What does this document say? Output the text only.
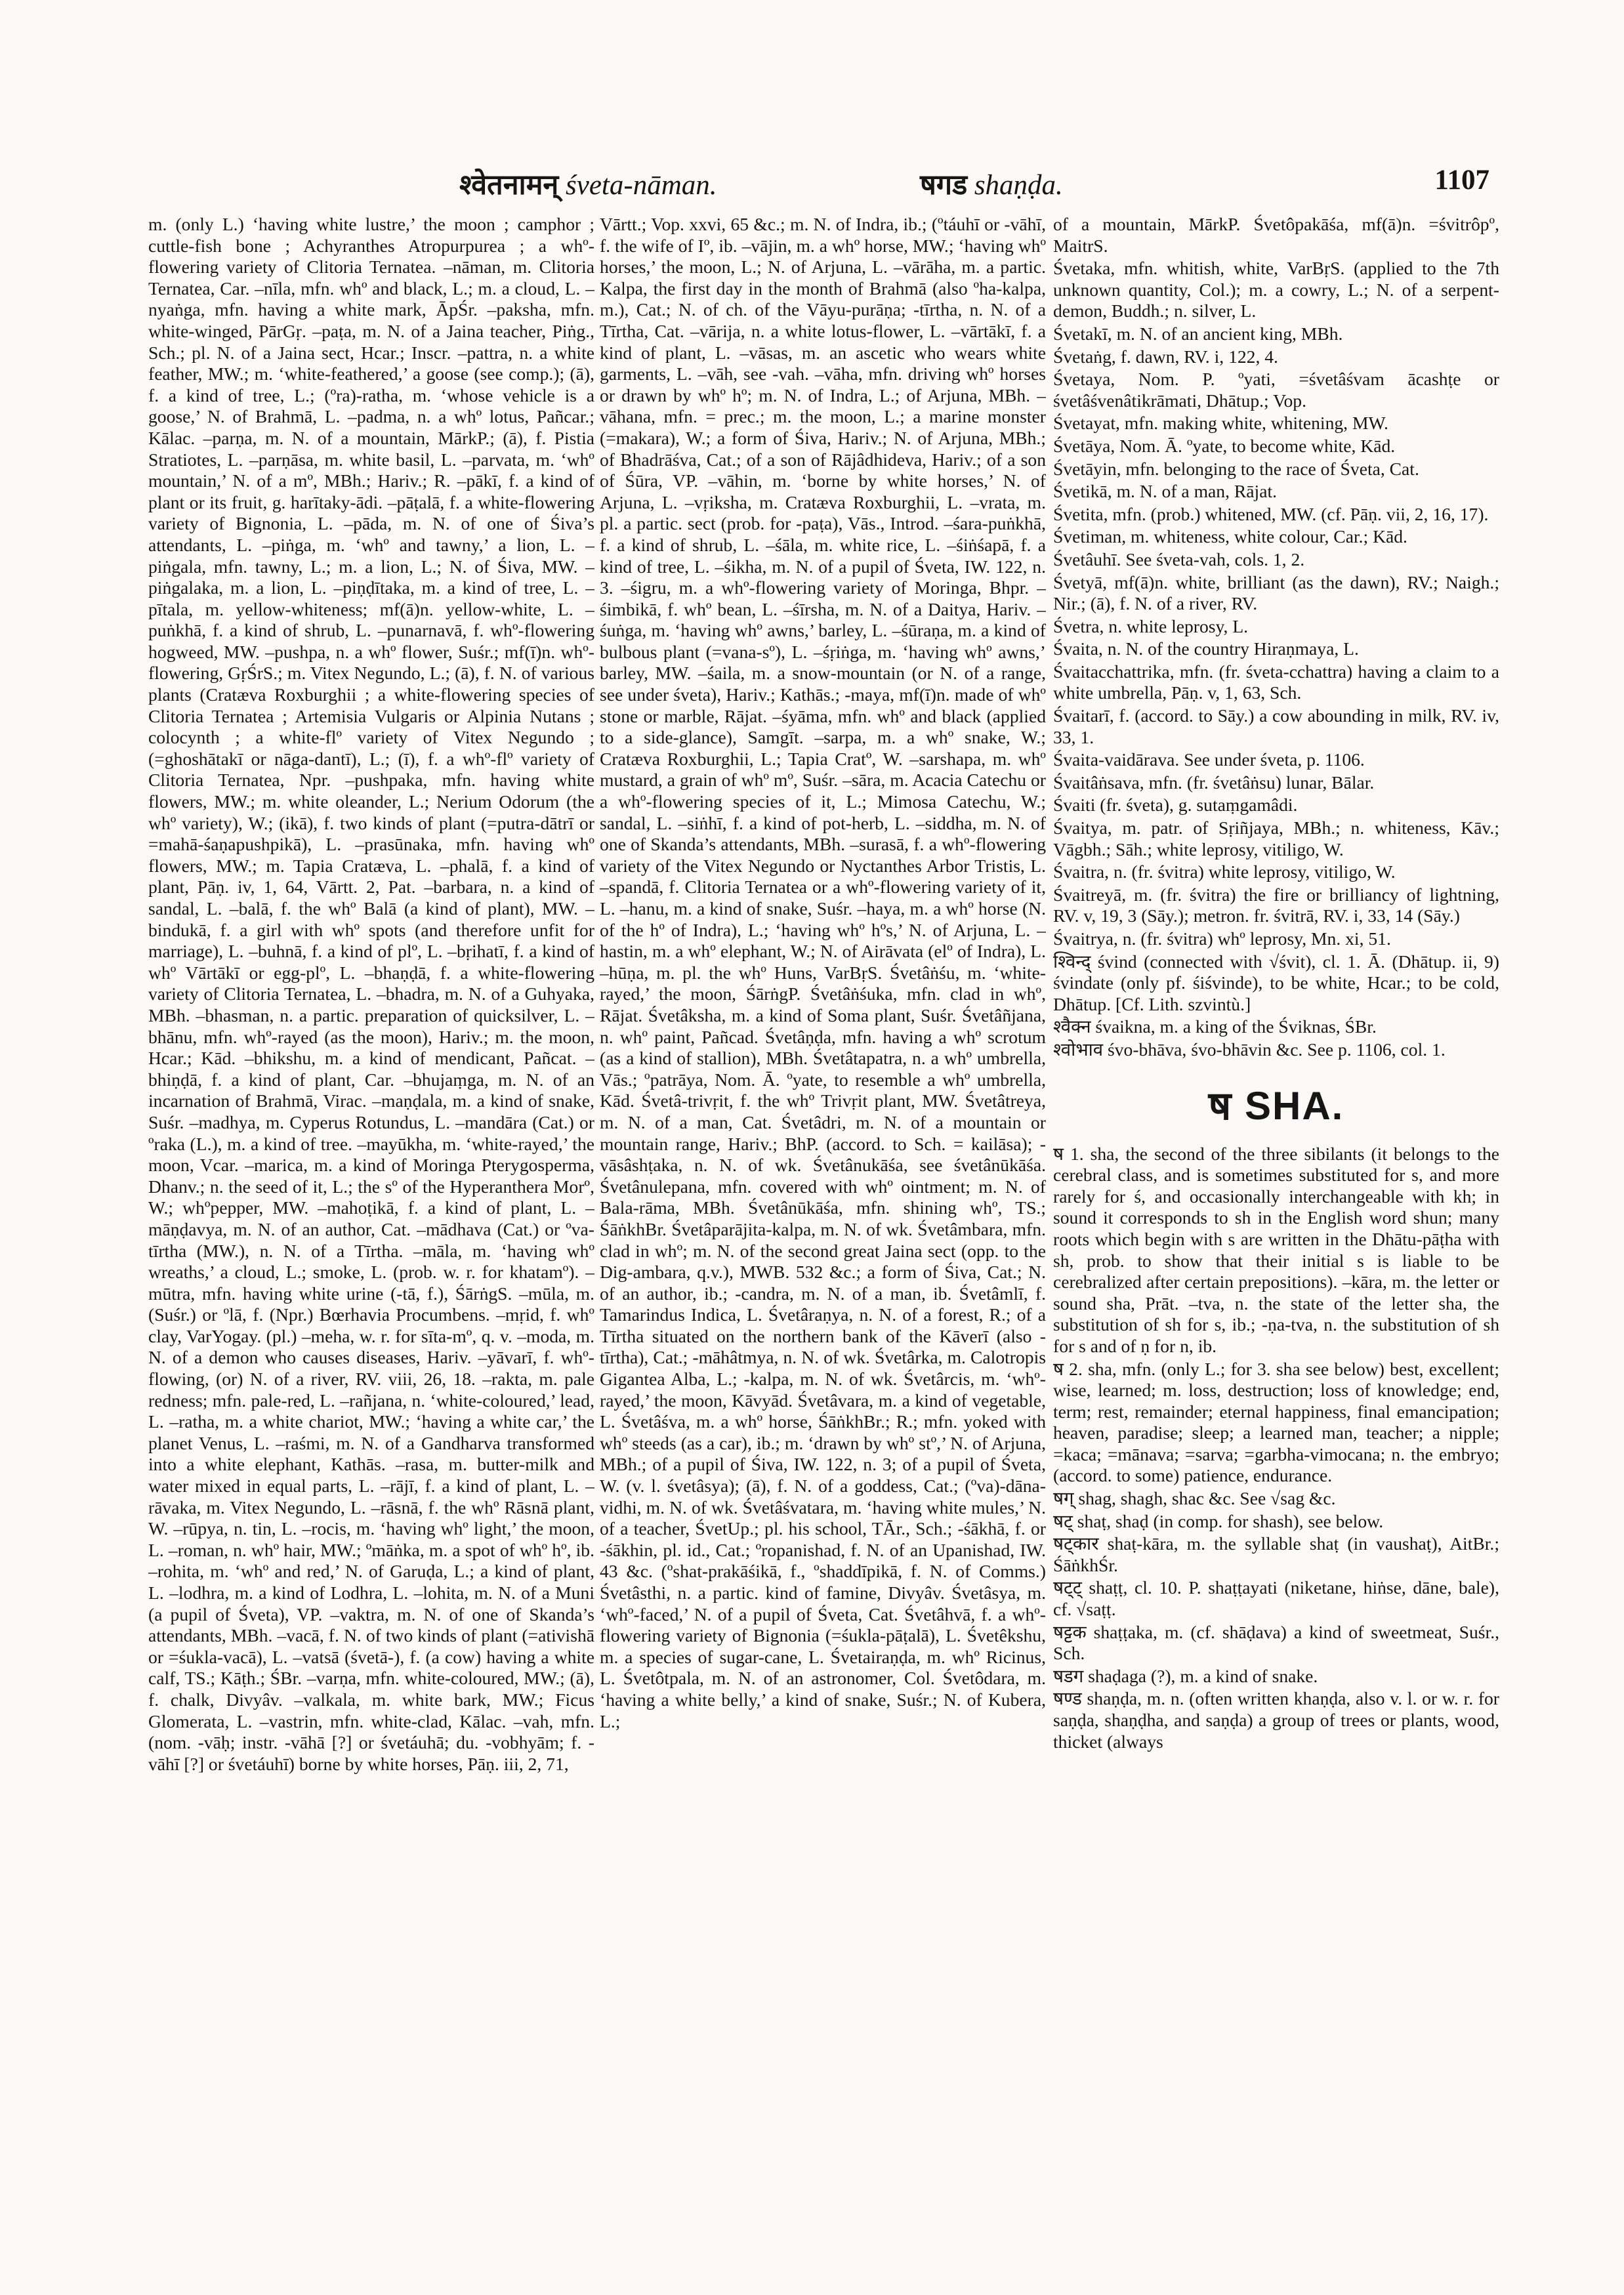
श्वेतनामन् śveta-nāman.	षगड shaṇḍa.	1107

m. (only L.) ‘having white lustre,’ the moon ; camphor ; cuttle-fish bone ; Achyranthes Atropurpurea ; a whº-flowering variety of Clitoria Ternatea. –nāman, m. Clitoria Ternatea, Car. –nīla, mfn. whº and black, L.; m. a cloud, L. –nyaṅga, mfn. having a white mark, ĀpŚr. –paksha, mfn. white-winged, PārGṛ. –paṭa, m. N. of a Jaina teacher, Piṅg., Sch.; pl. N. of a Jaina sect, Hcar.; Inscr. –pattra, n. a white feather, MW.; m. ‘white-feathered,’ a goose (see comp.); (ā), f. a kind of tree, L.; (ºra)-ratha, m. ‘whose vehicle is a goose,’ N. of Brahmā, L. –padma, n. a whº lotus, Pañcar.; Kālac. –parṇa, m. N. of a mountain, MārkP.; (ā), f. Pistia Stratiotes, L. –parṇāsa, m. white basil, L. –parvata, m. ‘whº mountain,’ N. of a mº, MBh.; Hariv.; R. –pākī, f. a kind of plant or its fruit, g. harītaky-ādi. –pāṭalā, f. a white-flowering variety of Bignonia, L. –pāda, m. N. of one of Śiva’s attendants, L. –piṅga, m. ‘whº and tawny,’ a lion, L. –piṅgala, mfn. tawny, L.; m. a lion, L.; N. of Śiva, MW. –piṅgalaka, m. a lion, L. –piṇḍītaka, m. a kind of tree, L. –pītala, m. yellow-whiteness; mf(ā)n. yellow-white, L. –puṅkhā, f. a kind of shrub, L. –punarnavā, f. whº-flowering hogweed, MW. –pushpa, n. a whº flower, Suśr.; mf(ī)n. whº-flowering, GṛŚrS.; m. Vitex Negundo, L.; (ā), f. N. of various plants (Cratæva Roxburghii ; a white-flowering species of Clitoria Ternatea ; Artemisia Vulgaris or Alpinia Nutans ; colocynth ; a white-flº variety of Vitex Negundo ; (=ghoshātakī or nāga-dantī), L.; (ī), f. a whº-flº variety of Clitoria Ternatea, Npr. –pushpaka, mfn. having white flowers, MW.; m. white oleander, L.; Nerium Odorum (the whº variety), W.; (ikā), f. two kinds of plant (=putra-dātrī or =mahā-śaṇapushpikā), L. –prasūnaka, mfn. having whº flowers, MW.; m. Tapia Cratæva, L. –phalā, f. a kind of plant, Pāṇ. iv, 1, 64, Vārtt. 2, Pat. –barbara, n. a kind of sandal, L. –balā, f. the whº Balā (a kind of plant), MW. –bindukā, f. a girl with whº spots (and therefore unfit for marriage), L. –buhnā, f. a kind of plº, L. –bṛihatī, f. a kind of whº Vārtākī or egg-plº, L. –bhaṇḍā, f. a white-flowering variety of Clitoria Ternatea, L. –bhadra, m. N. of a Guhyaka, MBh. –bhasman, n. a partic. preparation of quicksilver, L. –bhānu, mfn. whº-rayed (as the moon), Hariv.; m. the moon, Hcar.; Kād. –bhikshu, m. a kind of mendicant, Pañcat. –bhiṇḍā, f. a kind of plant, Car. –bhujaṃga, m. N. of an incarnation of Brahmā, Virac. –maṇḍala, m. a kind of snake, Suśr. –madhya, m. Cyperus Rotundus, L. –mandāra (Cat.) or ºraka (L.), m. a kind of tree. –mayūkha, m. ‘white-rayed,’ the moon, Vcar. –marica, m. a kind of Moringa Pterygosperma, Dhanv.; n. the seed of it, L.; the sº of the Hyperanthera Morº, W.; whºpepper, MW. –mahoṭikā, f. a kind of plant, L. –māṇḍavya, m. N. of an author, Cat. –mādhava (Cat.) or ºva-tīrtha (MW.), n. N. of a Tīrtha. –māla, m. ‘having whº wreaths,’ a cloud, L.; smoke, L. (prob. w. r. for khatamº). –mūtra, mfn. having white urine (-tā, f.), ŚārṅgS. –mūla, m. (Suśr.) or ºlā, f. (Npr.) Bœrhavia Procumbens. –mṛid, f. whº clay, VarYogay. (pl.) –meha, w. r. for sīta-mº, q. v. –moda, m. N. of a demon who causes diseases, Hariv. –yāvarī, f. whº-flowing, (or) N. of a river, RV. viii, 26, 18. –rakta, m. pale redness; mfn. pale-red, L. –rañjana, n. ‘white-coloured,’ lead, L. –ratha, m. a white chariot, MW.; ‘having a white car,’ the planet Venus, L. –raśmi, m. N. of a Gandharva transformed into a white elephant, Kathās. –rasa, m. butter-milk and water mixed in equal parts, L. –rājī, f. a kind of plant, L. –rāvaka, m. Vitex Negundo, L. –rāsnā, f. the whº Rāsnā plant, W. –rūpya, n. tin, L. –rocis, m. ‘having whº light,’ the moon, L. –roman, n. whº hair, MW.; ºmāṅka, m. a spot of whº hº, ib. –rohita, m. ‘whº and red,’ N. of Garuḍa, L.; a kind of plant, L. –lodhra, m. a kind of Lodhra, L. –lohita, m. N. of a Muni (a pupil of Śveta), VP. –vaktra, m. N. of one of Skanda’s attendants, MBh. –vacā, f. N. of two kinds of plant (=ativishā or =śukla-vacā), L. –vatsā (śvetā-), f. (a cow) having a white calf, TS.; Kāṭh.; ŚBr. –varṇa, mfn. white-coloured, MW.; (ā), f. chalk, Divyâv. –valkala, m. white bark, MW.; Ficus Glomerata, L. –vastrin, mfn. white-clad, Kālac. –vah, mfn. (nom. -vāḥ; instr. -vāhā [?] or śvetáuhā; du. -vobhyām; f. -vāhī [?] or śvetáuhī) borne by white horses, Pāṇ. iii, 2, 71,

Vārtt.; Vop. xxvi, 65 &c.; m. N. of Indra, ib.; (ºtáuhī or -vāhī, f. the wife of Iº, ib. –vājin, m. a whº horse, MW.; ‘having whº horses,’ the moon, L.; N. of Arjuna, L. –vārāha, m. a partic. Kalpa, the first day in the month of Brahmā (also ºha-kalpa, m.), Cat.; N. of ch. of the Vāyu-purāṇa; -tīrtha, n. N. of a Tīrtha, Cat. –vārija, n. a white lotus-flower, L. –vārtākī, f. a kind of plant, L. –vāsas, m. an ascetic who wears white garments, L. –vāh, see -vah. –vāha, mfn. driving whº horses or drawn by whº hº; m. N. of Indra, L.; of Arjuna, MBh. –vāhana, mfn. = prec.; m. the moon, L.; a marine monster (=makara), W.; a form of Śiva, Hariv.; N. of Arjuna, MBh.; of Bhadrāśva, Cat.; of a son of Rājâdhideva, Hariv.; of a son of Śūra, VP. –vāhin, m. ‘borne by white horses,’ N. of Arjuna, L. –vṛiksha, m. Cratæva Roxburghii, L. –vrata, m. pl. a partic. sect (prob. for -paṭa), Vās., Introd. –śara-puṅkhā, f. a kind of shrub, L. –śāla, m. white rice, L. –śiṅśapā, f. a kind of tree, L. –śikha, m. N. of a pupil of Śveta, IW. 122, n. 3. –śigru, m. a whº-flowering variety of Moringa, Bhpr. –śimbikā, f. whº bean, L. –śīrsha, m. N. of a Daitya, Hariv. –śuṅga, m. ‘having whº awns,’ barley, L. –śūraṇa, m. a kind of bulbous plant (=vana-sº), L. –śṛiṅga, m. ‘having whº awns,’ barley, MW. –śaila, m. a snow-mountain (or N. of a range, see under śveta), Hariv.; Kathās.; -maya, mf(ī)n. made of whº stone or marble, Rājat. –śyāma, mfn. whº and black (applied to a side-glance), Samgīt. –sarpa, m. a whº snake, W.; Cratæva Roxburghii, L.; Tapia Cratº, W. –sarshapa, m. whº mustard, a grain of whº mº, Suśr. –sāra, m. Acacia Catechu or a whº-flowering species of it, L.; Mimosa Catechu, W.; sandal, L. –siṅhī, f. a kind of pot-herb, L. –siddha, m. N. of one of Skanda’s attendants, MBh. –surasā, f. a whº-flowering variety of the Vitex Negundo or Nyctanthes Arbor Tristis, L. –spandā, f. Clitoria Ternatea or a whº-flowering variety of it, L. –hanu, m. a kind of snake, Suśr. –haya, m. a whº horse (N. of the hº of Indra), L.; ‘having whº hºs,’ N. of Arjuna, L. –hastin, m. a whº elephant, W.; N. of Airāvata (elº of Indra), L. –hūṇa, m. pl. the whº Huns, VarBṛS. Śvetâṅśu, m. ‘white-rayed,’ the moon, ŚārṅgP. Śvetâṅśuka, mfn. clad in whº, Rājat. Śvetâksha, m. a kind of Soma plant, Suśr. Śvetâñjana, n. whº paint, Pañcad. Śvetâṇḍa, mfn. having a whº scrotum (as a kind of stallion), MBh. Śvetâtapatra, n. a whº umbrella, Vās.; ºpatrāya, Nom. Ā. ºyate, to resemble a whº umbrella, Kād. Śvetâ-trivṛit, f. the whº Trivṛit plant, MW. Śvetâtreya, m. N. of a man, Cat. Śvetâdri, m. N. of a mountain or mountain range, Hariv.; BhP. (accord. to Sch. = kailāsa); -vāsâshṭaka, n. N. of wk. Śvetânukāśa, see śvetânūkāśa. Śvetânulepana, mfn. covered with whº ointment; m. N. of Bala-rāma, MBh. Śvetânūkāśa, mfn. shining whº, TS.; ŚāṅkhBr. Śvetâparājita-kalpa, m. N. of wk. Śvetâmbara, mfn. clad in whº; m. N. of the second great Jaina sect (opp. to the Dig-ambara, q.v.), MWB. 532 &c.; a form of Śiva, Cat.; N. of an author, ib.; -candra, m. N. of a man, ib. Śvetâmlī, f. Tamarindus Indica, L. Śvetâraṇya, n. N. of a forest, R.; of a Tīrtha situated on the northern bank of the Kāverī (also -tīrtha), Cat.; -māhâtmya, n. N. of wk. Śvetârka, m. Calotropis Gigantea Alba, L.; -kalpa, m. N. of wk. Śvetârcis, m. ‘whº-rayed,’ the moon, Kāvyād. Śvetâvara, m. a kind of vegetable, L. Śvetâśva, m. a whº horse, ŚāṅkhBr.; R.; mfn. yoked with whº steeds (as a car), ib.; m. ‘drawn by whº stº,’ N. of Arjuna, MBh.; of a pupil of Śiva, IW. 122, n. 3; of a pupil of Śveta, W. (v. l. śvetâsya); (ā), f. N. of a goddess, Cat.; (ºva)-dāna-vidhi, m. N. of wk. Śvetâśvatara, m. ‘having white mules,’ N. of a teacher, ŚvetUp.; pl. his school, TĀr., Sch.; -śākhā, f. or -śākhin, pl. id., Cat.; ºropanishad, f. N. of an Upanishad, IW. 43 &c. (ºshat-prakāśikā, f., ºshaddīpikā, f. N. of Comms.) Śvetâsthi, n. a partic. kind of famine, Divyâv. Śvetâsya, m. ‘whº-faced,’ N. of a pupil of Śveta, Cat. Śvetâhvā, f. a whº-flowering variety of Bignonia (=śukla-pāṭalā), L. Śvetêkshu, m. a species of sugar-cane, L. Śvetairaṇḍa, m. whº Ricinus, L. Śvetôtpala, m. N. of an astronomer, Col. Śvetôdara, m. ‘having a white belly,’ a kind of snake, Suśr.; N. of Kubera, L.;

of a mountain, MārkP. Śvetôpakāśa, mf(ā)n. =śvitrôpº, MaitrS.

Śvetaka, mfn. whitish, white, VarBṛS. (applied to the 7th unknown quantity, Col.); m. a cowry, L.; N. of a serpent-demon, Buddh.; n. silver, L.

Śvetakī, m. N. of an ancient king, MBh.

Śvetaṅg, f. dawn, RV. i, 122, 4.

Śvetaya, Nom. P. ºyati, =śvetâśvam ācashṭe or śvetâśvenâtikrāmati, Dhātup.; Vop.

Śvetayat, mfn. making white, whitening, MW.

Śvetāya, Nom. Ā. ºyate, to become white, Kād.

Śvetāyin, mfn. belonging to the race of Śveta, Cat.

Śvetikā, m. N. of a man, Rājat.

Śvetita, mfn. (prob.) whitened, MW. (cf. Pāṇ. vii, 2, 16, 17).

Śvetiman, m. whiteness, white colour, Car.; Kād.

Śvetâuhī. See śveta-vah, cols. 1, 2.

Śvetyā, mf(ā)n. white, brilliant (as the dawn), RV.; Naigh.; Nir.; (ā), f. N. of a river, RV.

Śvetra, n. white leprosy, L.

Śvaita, n. N. of the country Hiraṇmaya, L.

Śvaitacchattrika, mfn. (fr. śveta-cchattra) having a claim to a white umbrella, Pāṇ. v, 1, 63, Sch.

Śvaitarī, f. (accord. to Sāy.) a cow abounding in milk, RV. iv, 33, 1.

Śvaita-vaidārava. See under śveta, p. 1106.

Śvaitâṅsava, mfn. (fr. śvetâṅsu) lunar, Bālar.

Śvaiti (fr. śveta), g. sutaṃgamâdi.

Śvaitya, m. patr. of Sṛiñjaya, MBh.; n. whiteness, Kāv.; Vāgbh.; Sāh.; white leprosy, vitiligo, W.

Śvaitra, n. (fr. śvitra) white leprosy, vitiligo, W.

Śvaitreyā, m. (fr. śvitra) the fire or brilliancy of lightning, RV. v, 19, 3 (Sāy.); metron. fr. śvitrā, RV. i, 33, 14 (Sāy.)

Śvaitrya, n. (fr. śvitra) whº leprosy, Mn. xi, 51.

श्विन्द् śvind (connected with √śvit), cl. 1. Ā. (Dhātup. ii, 9) śvindate (only pf. śiśvinde), to be white, Hcar.; to be cold, Dhātup. [Cf. Lith. szvintù.]

श्वैक्न śvaikna, m. a king of the Śviknas, ŚBr.

श्वोभाव śvo-bhāva, śvo-bhāvin &c. See p. 1106, col. 1.

ष SHA.

ष 1. sha, the second of the three sibilants (it belongs to the cerebral class, and is sometimes substituted for s, and more rarely for ś, and occasionally interchangeable with kh; in sound it corresponds to sh in the English word shun; many roots which begin with s are written in the Dhātu-pāṭha with sh, prob. to show that their initial s is liable to be cerebralized after certain prepositions). –kāra, m. the letter or sound sha, Prāt. –tva, n. the state of the letter sha, the substitution of sh for s, ib.; -ṇa-tva, n. the substitution of sh for s and of ṇ for n, ib.

ष 2. sha, mfn. (only L.; for 3. sha see below) best, excellent; wise, learned; m. loss, destruction; loss of knowledge; end, term; rest, remainder; eternal happiness, final emancipation; heaven, paradise; sleep; a learned man, teacher; a nipple; =kaca; =mānava; =sarva; =garbha-vimocana; n. the embryo; (accord. to some) patience, endurance.

षग् shag, shagh, shac &c. See √sag &c.

षट् shaṭ, shaḍ (in comp. for shash), see below.

षट्कार shaṭ-kāra, m. the syllable shaṭ (in vaushaṭ), AitBr.; ŚāṅkhŚr.

षट्ट् shaṭṭ, cl. 10. P. shaṭṭayati (niketane, hiṅse, dāne, bale), cf. √saṭṭ.

षट्टक shaṭṭaka, m. (cf. shāḍava) a kind of sweetmeat, Suśr., Sch.

षडग shaḍaga (?), m. a kind of snake.

षण्ड shaṇḍa, m. n. (often written khaṇḍa, also v. l. or w. r. for saṇḍa, shaṇḍha, and saṇḍa) a group of trees or plants, wood, thicket (always
